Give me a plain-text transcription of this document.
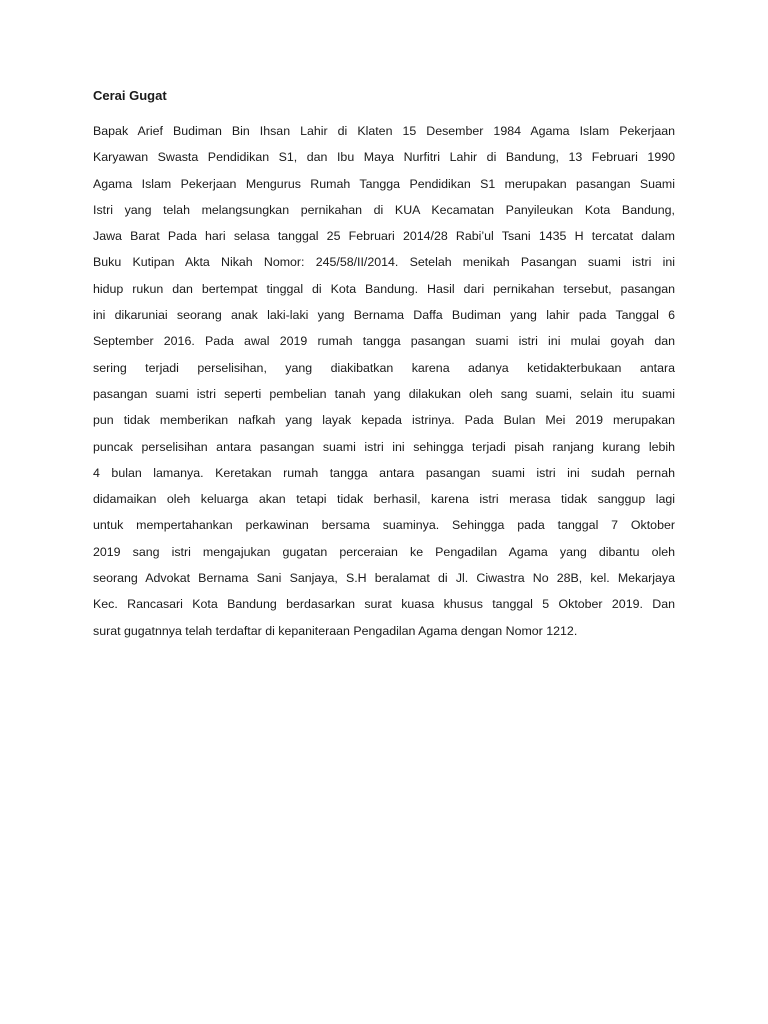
Cerai Gugat

Bapak Arief Budiman Bin Ihsan Lahir di Klaten 15 Desember 1984 Agama Islam Pekerjaan
Karyawan Swasta Pendidikan S1, dan Ibu Maya Nurfitri Lahir di Bandung, 13 Februari 1990
Agama Islam Pekerjaan Mengurus Rumah Tangga Pendidikan S1 merupakan pasangan Suami
Istri yang telah melangsungkan pernikahan di KUA Kecamatan Panyileukan Kota Bandung,
Jawa Barat Pada hari selasa tanggal 25 Februari 2014/28 Rabi’ul Tsani 1435 H tercatat dalam
Buku Kutipan Akta Nikah Nomor: 245/58/II/2014. Setelah menikah Pasangan suami istri ini
hidup rukun dan bertempat tinggal di Kota Bandung. Hasil dari pernikahan tersebut, pasangan
ini dikaruniai seorang anak laki-laki yang Bernama Daffa Budiman yang lahir pada Tanggal 6
September 2016. Pada awal 2019 rumah tangga pasangan suami istri ini mulai goyah dan
sering terjadi perselisihan, yang diakibatkan karena adanya ketidakterbukaan antara
pasangan suami istri seperti pembelian tanah yang dilakukan oleh sang suami, selain itu suami
pun tidak memberikan nafkah yang layak kepada istrinya. Pada Bulan Mei 2019 merupakan
puncak perselisihan antara pasangan suami istri ini sehingga terjadi pisah ranjang kurang lebih
4 bulan lamanya. Keretakan rumah tangga antara pasangan suami istri ini sudah pernah
didamaikan oleh keluarga akan tetapi tidak berhasil, karena istri merasa tidak sanggup lagi
untuk mempertahankan perkawinan bersama suaminya. Sehingga pada tanggal 7 Oktober
2019 sang istri mengajukan gugatan perceraian ke Pengadilan Agama yang dibantu oleh
seorang Advokat Bernama Sani Sanjaya, S.H beralamat di Jl. Ciwastra No 28B, kel. Mekarjaya
Kec. Rancasari Kota Bandung berdasarkan surat kuasa khusus tanggal 5 Oktober 2019. Dan
surat gugatnnya telah terdaftar di kepaniteraan Pengadilan Agama dengan Nomor 1212.
